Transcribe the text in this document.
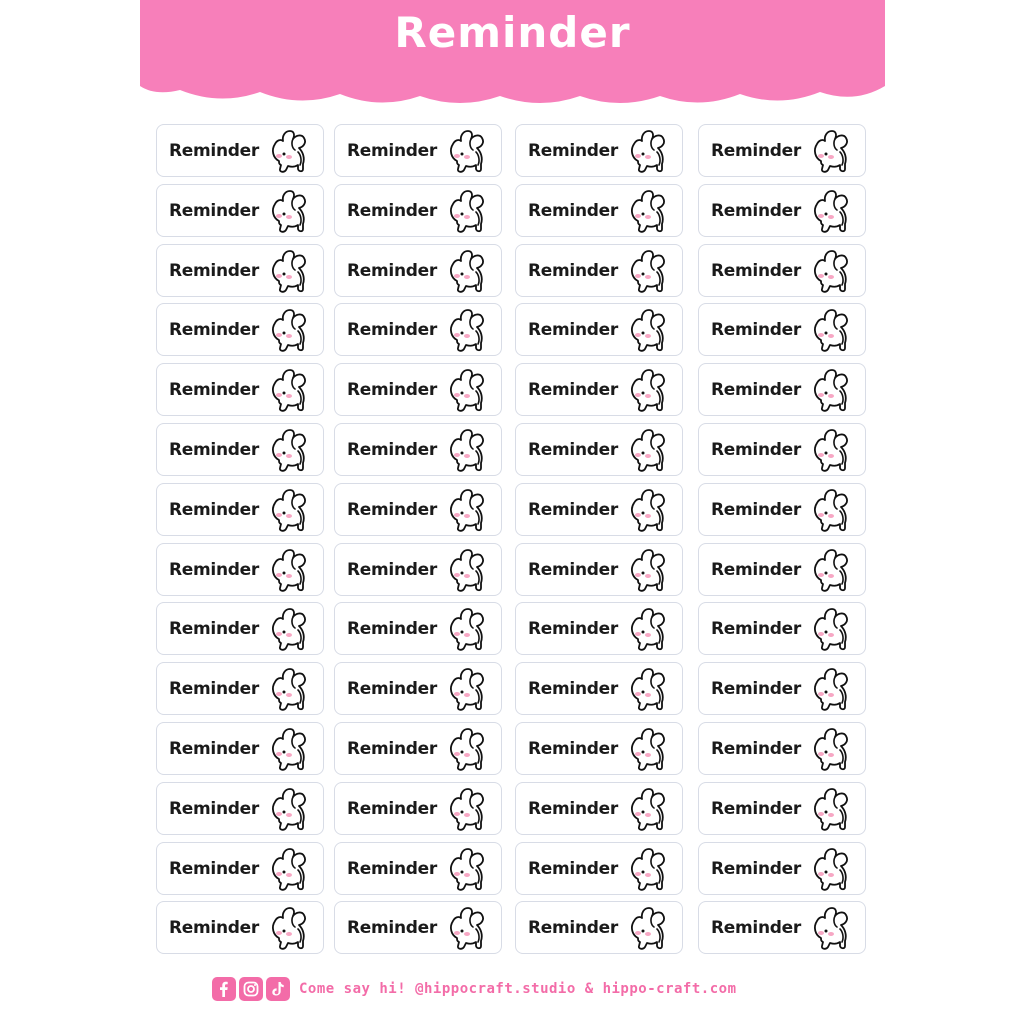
Reminder
Reminder	Reminder	Reminder	Reminder
Reminder	Reminder	Reminder	Reminder
Reminder	Reminder	Reminder	Reminder
Reminder	Reminder	Reminder	Reminder
Reminder	Reminder	Reminder	Reminder
Reminder	Reminder	Reminder	Reminder
Reminder	Reminder	Reminder	Reminder
Reminder	Reminder	Reminder	Reminder
Reminder	Reminder	Reminder	Reminder
Reminder	Reminder	Reminder	Reminder
Reminder	Reminder	Reminder	Reminder
Reminder	Reminder	Reminder	Reminder
Reminder	Reminder	Reminder	Reminder
Reminder	Reminder	Reminder	Reminder
Come say hi! @hippocraft.studio & hippo-craft.com
